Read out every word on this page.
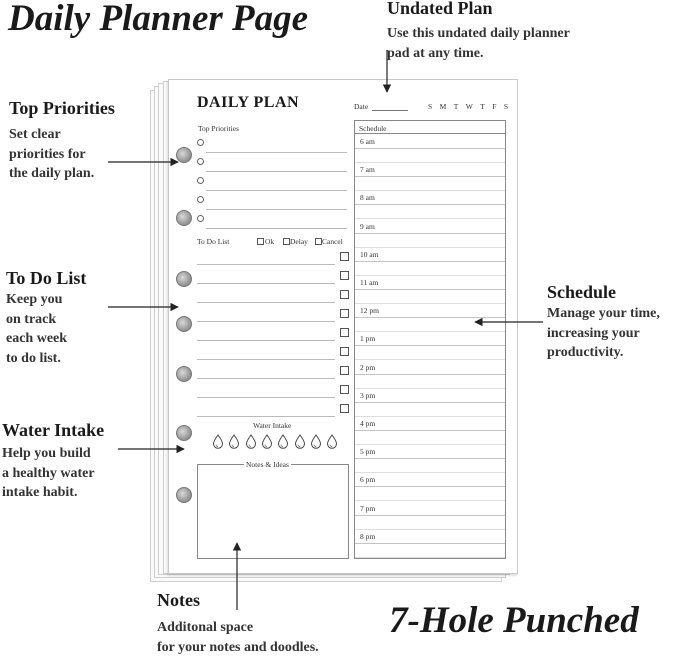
Daily Planner Page
7-Hole Punched
DAILY PLAN	Date	S M T W T F S
Top Priorities
To Do List	Ok Delay Cancel
Water Intake
Notes & Ideas
Schedule
6 am
7 am
8 am
9 am
10 am
11 am
12 pm
1 pm
2 pm
3 pm
4 pm
5 pm
6 pm
7 pm
8 pm
Undated Plan
Use this undated daily planner
pad at any time.
Top Priorities
Set clear
priorities for
the daily plan.
To Do List
Keep you
on track
each week
to do list.
Water Intake
Help you build
a healthy water
intake habit.
Notes
Additonal space
for your notes and doodles.
Schedule
Manage your time,
increasing your
productivity.
